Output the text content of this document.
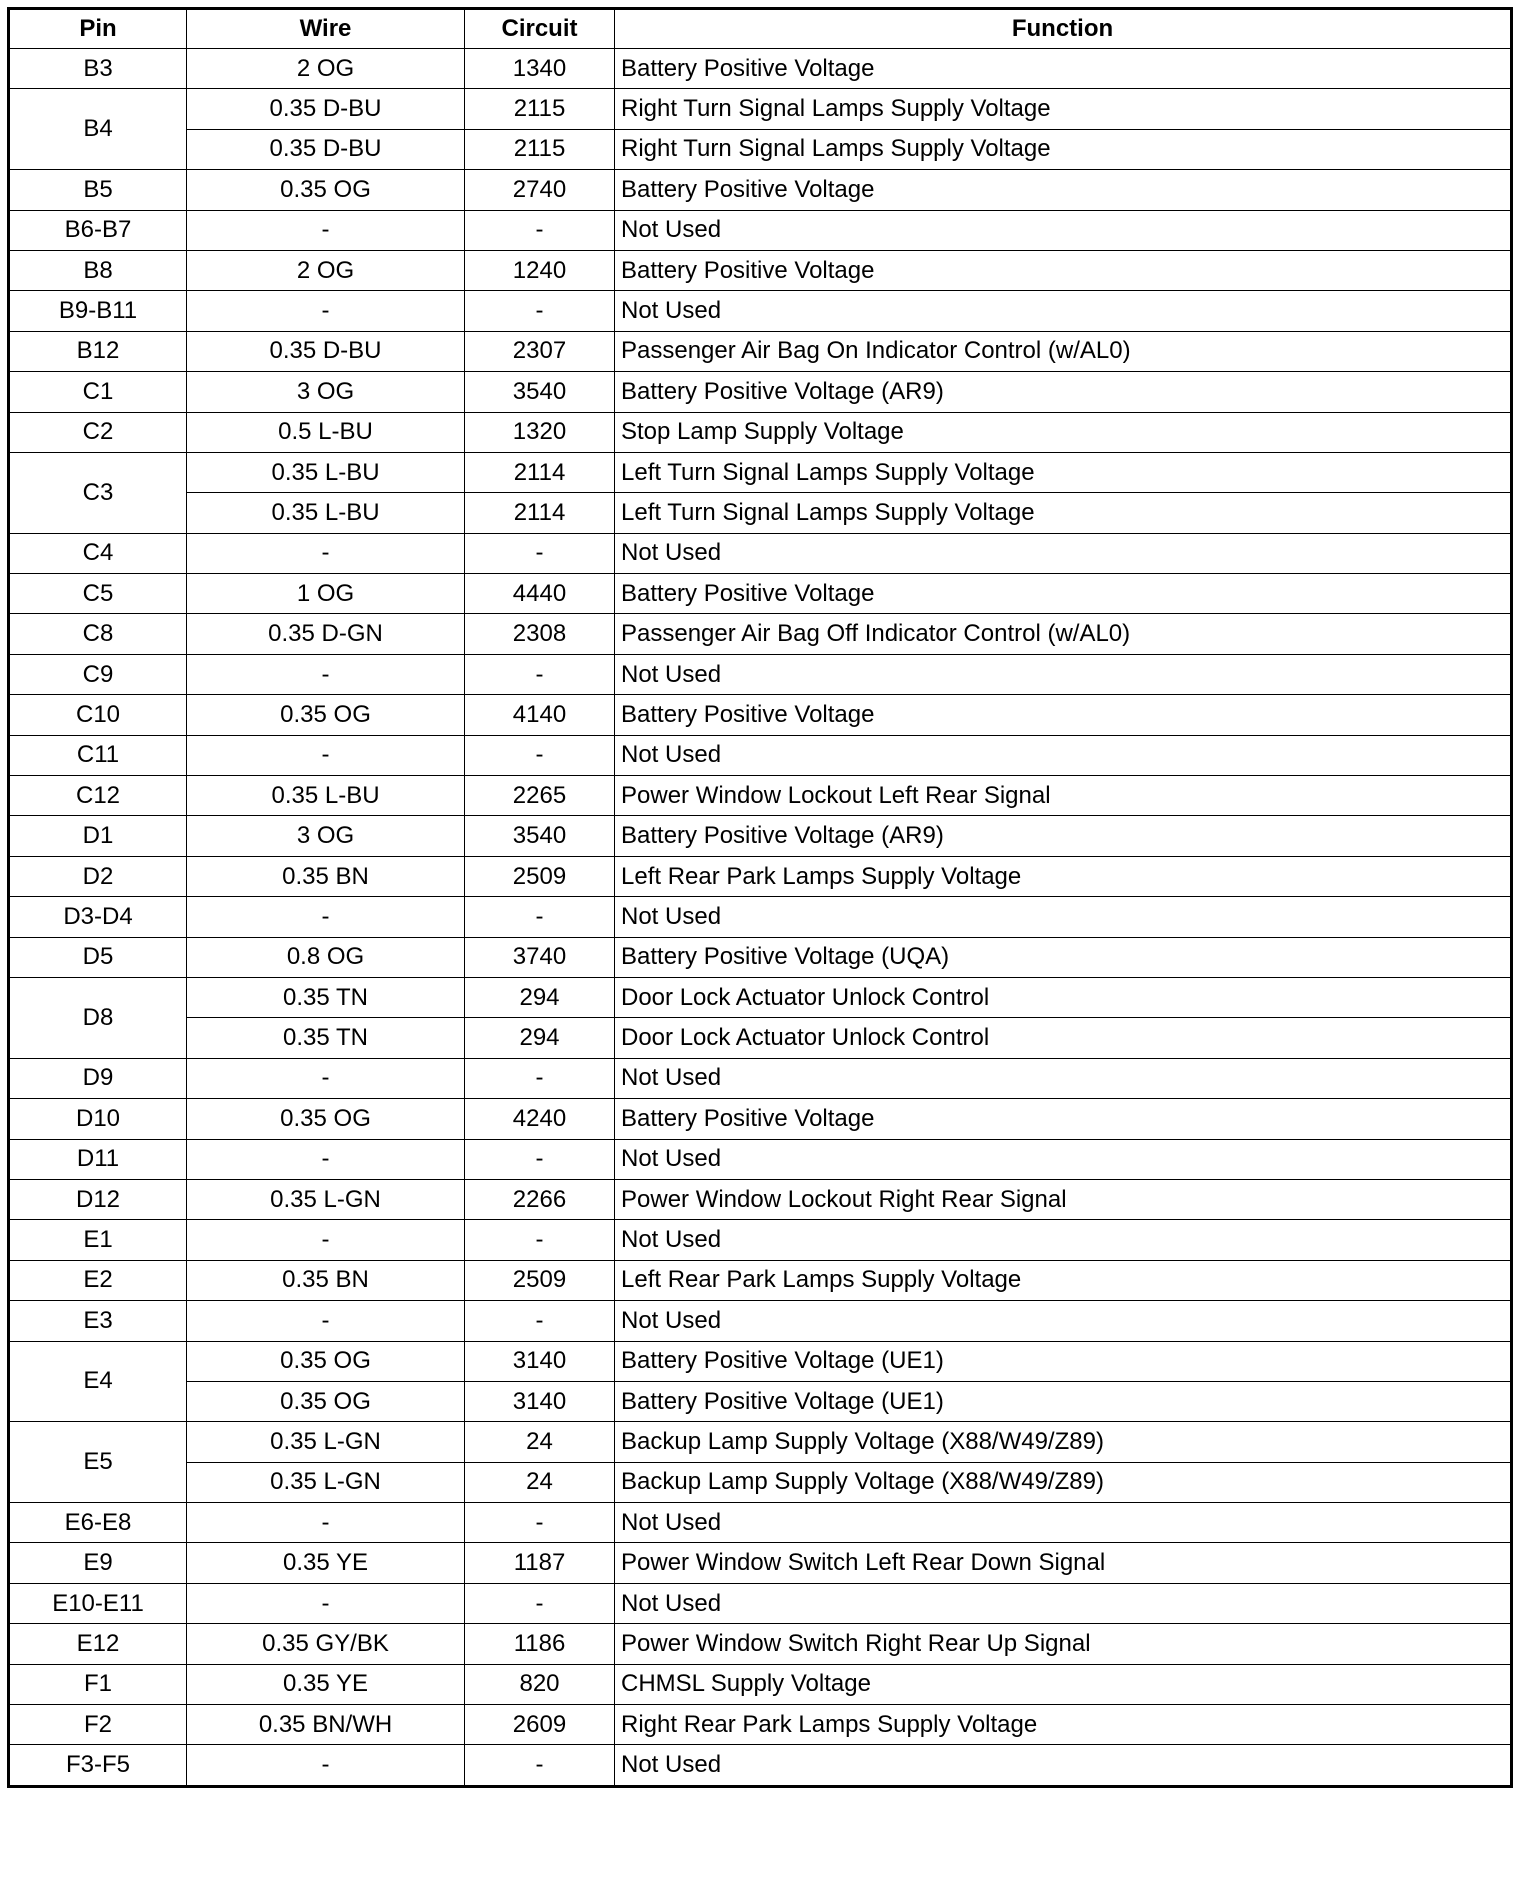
Pin	Wire	Circuit	Function
B3	2 OG	1340	Battery Positive Voltage
B4	0.35 D-BU	2115	Right Turn Signal Lamps Supply Voltage
	0.35 D-BU	2115	Right Turn Signal Lamps Supply Voltage
B5	0.35 OG	2740	Battery Positive Voltage
B6-B7	-	-	Not Used
B8	2 OG	1240	Battery Positive Voltage
B9-B11	-	-	Not Used
B12	0.35 D-BU	2307	Passenger Air Bag On Indicator Control (w/AL0)
C1	3 OG	3540	Battery Positive Voltage (AR9)
C2	0.5 L-BU	1320	Stop Lamp Supply Voltage
C3	0.35 L-BU	2114	Left Turn Signal Lamps Supply Voltage
	0.35 L-BU	2114	Left Turn Signal Lamps Supply Voltage
C4	-	-	Not Used
C5	1 OG	4440	Battery Positive Voltage
C8	0.35 D-GN	2308	Passenger Air Bag Off Indicator Control (w/AL0)
C9	-	-	Not Used
C10	0.35 OG	4140	Battery Positive Voltage
C11	-	-	Not Used
C12	0.35 L-BU	2265	Power Window Lockout Left Rear Signal
D1	3 OG	3540	Battery Positive Voltage (AR9)
D2	0.35 BN	2509	Left Rear Park Lamps Supply Voltage
D3-D4	-	-	Not Used
D5	0.8 OG	3740	Battery Positive Voltage (UQA)
D8	0.35 TN	294	Door Lock Actuator Unlock Control
	0.35 TN	294	Door Lock Actuator Unlock Control
D9	-	-	Not Used
D10	0.35 OG	4240	Battery Positive Voltage
D11	-	-	Not Used
D12	0.35 L-GN	2266	Power Window Lockout Right Rear Signal
E1	-	-	Not Used
E2	0.35 BN	2509	Left Rear Park Lamps Supply Voltage
E3	-	-	Not Used
E4	0.35 OG	3140	Battery Positive Voltage (UE1)
	0.35 OG	3140	Battery Positive Voltage (UE1)
E5	0.35 L-GN	24	Backup Lamp Supply Voltage (X88/W49/Z89)
	0.35 L-GN	24	Backup Lamp Supply Voltage (X88/W49/Z89)
E6-E8	-	-	Not Used
E9	0.35 YE	1187	Power Window Switch Left Rear Down Signal
E10-E11	-	-	Not Used
E12	0.35 GY/BK	1186	Power Window Switch Right Rear Up Signal
F1	0.35 YE	820	CHMSL Supply Voltage
F2	0.35 BN/WH	2609	Right Rear Park Lamps Supply Voltage
F3-F5	-	-	Not Used
